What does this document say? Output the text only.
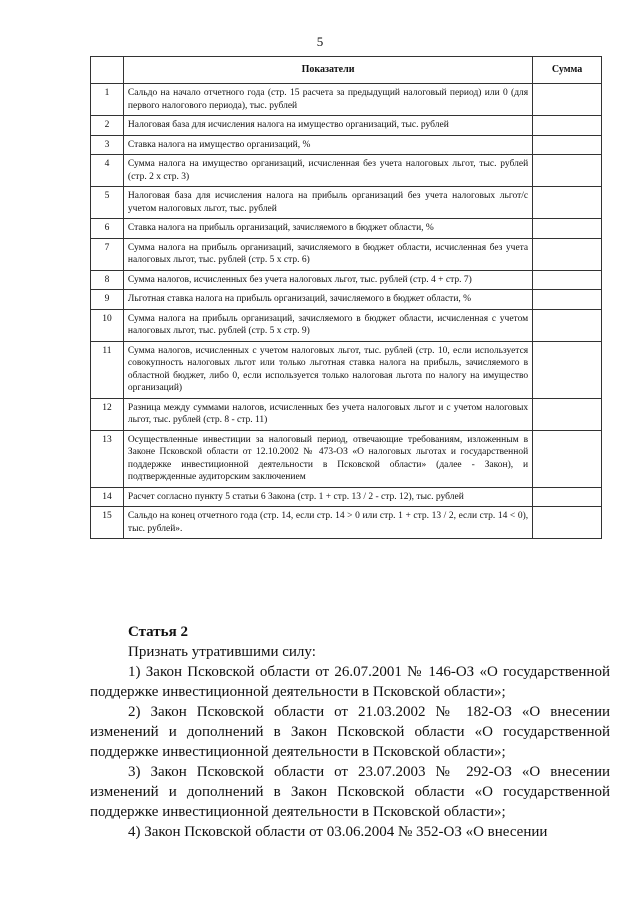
5
	Показатели	Сумма
1	Сальдо на начало отчетного года (стр. 15 расчета за предыдущий налоговый период) или 0 (для первого налогового периода), тыс. рублей	
2	Налоговая база для исчисления налога на имущество организаций, тыс. рублей	
3	Ставка налога на имущество организаций, %	
4	Сумма налога на имущество организаций, исчисленная без учета налоговых льгот, тыс. рублей (стр. 2 х стр. 3)	
5	Налоговая база для исчисления налога на прибыль организаций без учета налоговых льгот/с учетом налоговых льгот, тыс. рублей	
6	Ставка налога на прибыль организаций, зачисляемого в бюджет области, %	
7	Сумма налога на прибыль организаций, зачисляемого в бюджет области, исчисленная без учета налоговых льгот, тыс. рублей (стр. 5 х стр. 6)	
8	Сумма налогов, исчисленных без учета налоговых льгот, тыс. рублей (стр. 4 + стр. 7)	
9	Льготная ставка налога на прибыль организаций, зачисляемого в бюджет области, %	
10	Сумма налога на прибыль организаций, зачисляемого в бюджет области, исчисленная с учетом налоговых льгот, тыс. рублей (стр. 5 х стр. 9)	
11	Сумма налогов, исчисленных с учетом налоговых льгот, тыс. рублей (стр. 10, если используется совокупность налоговых льгот или только льготная ставка налога на прибыль, зачисляемого в областной бюджет, либо 0, если используется только налоговая льгота по налогу на имущество организаций)	
12	Разница между суммами налогов, исчисленных без учета налоговых льгот и с учетом налоговых льгот, тыс. рублей (стр. 8 - стр. 11)	
13	Осуществленные инвестиции за налоговый период, отвечающие требованиям, изложенным в Законе Псковской области от 12.10.2002 № 473-ОЗ «О налоговых льготах и государственной поддержке инвестиционной деятельности в Псковской области» (далее - Закон), и подтвержденные аудиторским заключением	
14	Расчет согласно пункту 5 статьи 6 Закона (стр. 1 + стр. 13 / 2 - стр. 12), тыс. рублей	
15	Сальдо на конец отчетного года (стр. 14, если стр. 14 > 0 или стр. 1 + стр. 13 / 2, если стр. 14 < 0), тыс. рублей».	
Статья 2

Признать утратившими силу:

1) Закон Псковской области от 26.07.2001 № 146-ОЗ «О государственной поддержке инвестиционной деятельности в Псковской области»;

2) Закон Псковской области от 21.03.2002 № 182-ОЗ «О внесении изменений и дополнений в Закон Псковской области «О государственной поддержке инвестиционной деятельности в Псковской области»;

3) Закон Псковской области от 23.07.2003 № 292-ОЗ «О внесении изменений и дополнений в Закон Псковской области «О государственной поддержке инвестиционной деятельности в Псковской области»;

4) Закон Псковской области от 03.06.2004 № 352-ОЗ «О внесении
